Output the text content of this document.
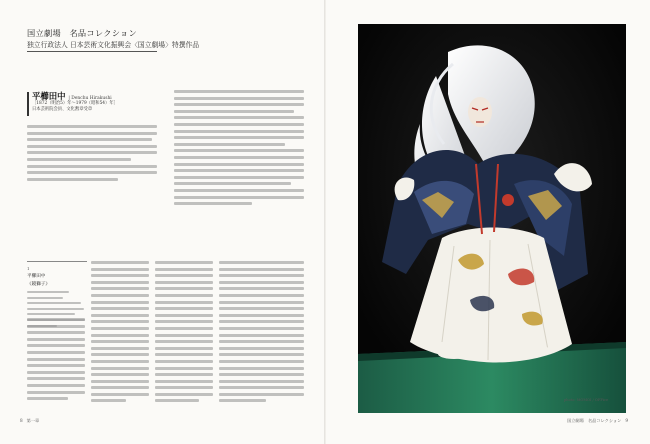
国立劇場　名品コレクション
独立行政法人 日本芸術文化振興会〈国立劇場〉特撰作品
平櫛田中 | Denchu Hirakushi
［1872（明治5）年～1979（昭和54）年］
日本芸術院会員、文化勲章受章
1
平櫛田中
《鏡獅子》
8 第一章
photo: MOMOI / OFFice
国立劇場　名品コレクション 9
